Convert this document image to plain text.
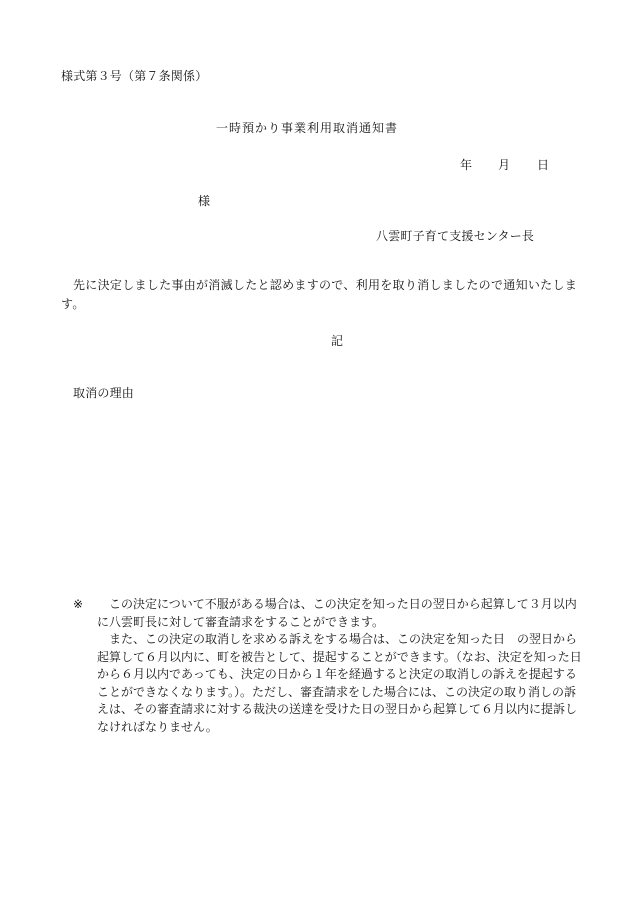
様式第３号（第７条関係）
一時預かり事業利用取消通知書
年 月 日
様
八雲町子育て支援センター長
先に決定しました事由が消滅したと認めますので、利用を取り消しましたので通知いたします。
記
取消の理由
※	この決定について不服がある場合は、この決定を知った日の翌日から起算して３月以内に八雲町長に対して審査請求をすることができます。
また、この決定の取消しを求める訴えをする場合は、この決定を知った日　の翌日から起算して６月以内に、町を被告として、提起することができます。（なお、決定を知った日から６月以内であっても、決定の日から１年を経過すると決定の取消しの訴えを提起することができなくなります。）。ただし、審査請求をした場合には、この決定の取り消しの訴えは、その審査請求に対する裁決の送達を受けた日の翌日から起算して６月以内に提訴しなければなりません。
